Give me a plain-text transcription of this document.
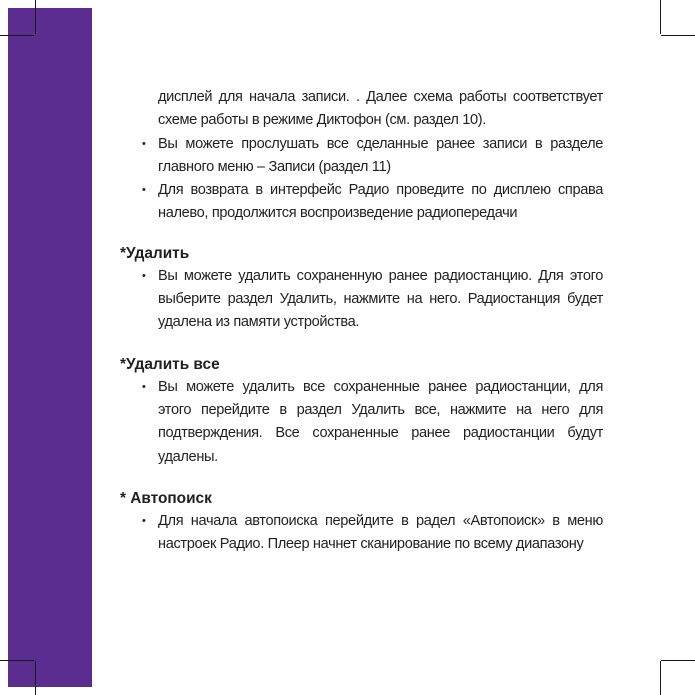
дисплей для начала записи. . Далее схема работы соответствует схеме работы в режиме Диктофон (см. раздел 10).
• Вы можете прослушать все сделанные ранее записи в разделе главного меню – Записи (раздел 11)
• Для возврата в интерфейс Радио проведите по дисплею справа налево, продолжится воспроизведение радиопередачи
*Удалить
• Вы можете удалить сохраненную ранее радиостанцию. Для этого выберите раздел Удалить, нажмите на него. Радиостанция будет удалена из памяти устройства.
*Удалить все
• Вы можете удалить все сохраненные ранее радиостанции, для этого перейдите в раздел Удалить все, нажмите на него для подтверждения. Все сохраненные ранее радиостанции будут удалены.
* Автопоиск
• Для начала автопоиска перейдите в радел «Автопоиск» в меню настроек Радио. Плеер начнет сканирование по всему диапазону
